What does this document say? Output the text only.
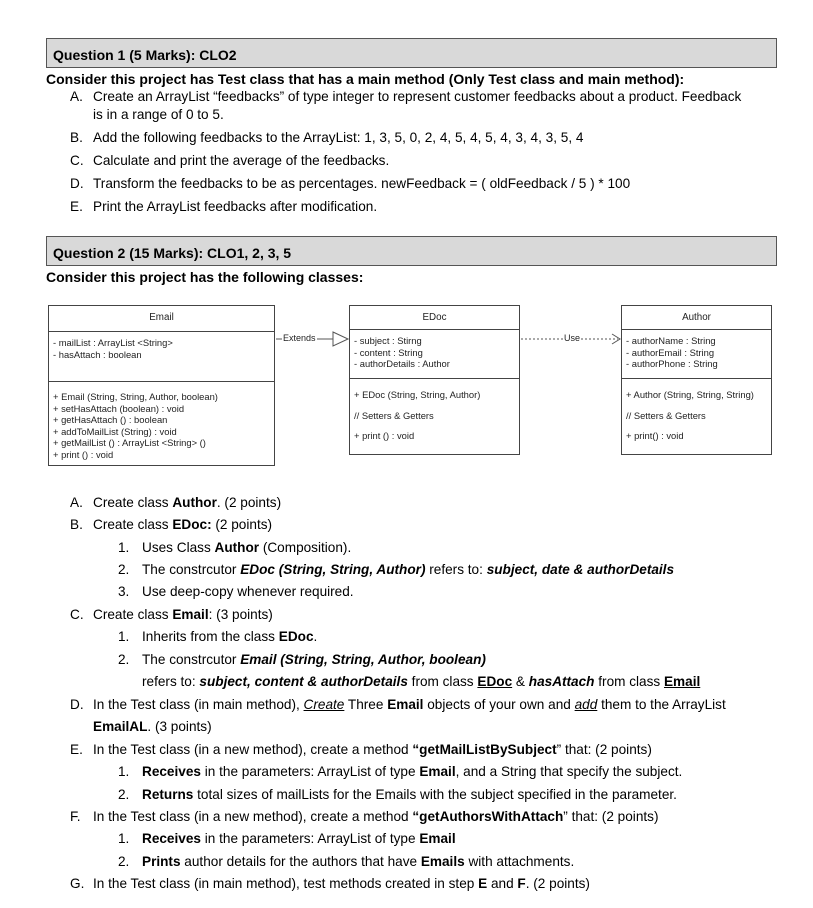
Question 1 (5 Marks): CLO2
Consider this project has Test class that has a main method (Only Test class and main method):
A. Create an ArrayList “feedbacks” of type integer to represent customer feedbacks about a product. Feedback
is in a range of 0 to 5.
B. Add the following feedbacks to the ArrayList: 1, 3, 5, 0, 2, 4, 5, 4, 5, 4, 3, 4, 3, 5, 4
C. Calculate and print the average of the feedbacks.
D. Transform the feedbacks to be as percentages. newFeedback = ( oldFeedback / 5 ) * 100
E. Print the ArrayList feedbacks after modification.
Question 2 (15 Marks): CLO1, 2, 3, 5
Consider this project has the following classes:
Email
- mailList : ArrayList <String>
- hasAttach : boolean
+ Email (String, String, Author, boolean)
+ setHasAttach (boolean) : void
+ getHasAttach () : boolean
+ addToMailList (String) : void
+ getMailList () : ArrayList <String> ()
+ print () : void
EDoc
- subject : Stirng
- content : String
- authorDetails : Author
+ EDoc (String, String, Author)
// Setters & Getters
+ print () : void
Author
- authorName : String
- authorEmail : String
- authorPhone : String
+ Author (String, String, String)
// Setters & Getters
+ print() : void
Extends	Use
A. Create class Author. (2 points)
B. Create class EDoc: (2 points)
1. Uses Class Author (Composition).
2. The constrcutor EDoc (String, String, Author) refers to: subject, date & authorDetails
3. Use deep-copy whenever required.
C. Create class Email: (3 points)
1. Inherits from the class EDoc.
2. The constrcutor Email (String, String, Author, boolean)
refers to: subject, content & authorDetails from class EDoc & hasAttach from class Email
D. In the Test class (in main method), Create Three Email objects of your own and add them to the ArrayList
EmailAL. (3 points)
E. In the Test class (in a new method), create a method “getMailListBySubject” that: (2 points)
1. Receives in the parameters: ArrayList of type Email, and a String that specify the subject.
2. Returns total sizes of mailLists for the Emails with the subject specified in the parameter.
F. In the Test class (in a new method), create a method “getAuthorsWithAttach” that: (2 points)
1. Receives in the parameters: ArrayList of type Email
2. Prints author details for the authors that have Emails with attachments.
G. In the Test class (in main method), test methods created in step E and F. (2 points)
